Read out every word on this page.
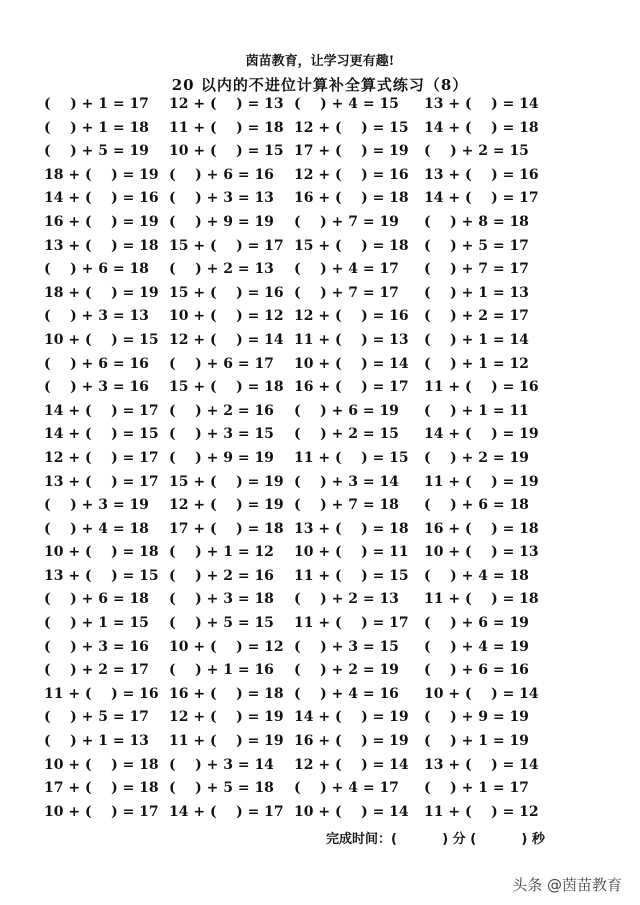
茵苗教育，让学习更有趣!
20 以内的不进位计算补全算式练习（8）
(    ) + 1 = 17 12 + (    ) = 13 (    ) + 4 = 15 13 + (    ) = 14
(    ) + 1 = 18 11 + (    ) = 18 12 + (    ) = 15 14 + (    ) = 18
(    ) + 5 = 19 10 + (    ) = 15 17 + (    ) = 19 (    ) + 2 = 15
18 + (    ) = 19 (    ) + 6 = 16 12 + (    ) = 16 13 + (    ) = 16
14 + (    ) = 16 (    ) + 3 = 13 16 + (    ) = 18 14 + (    ) = 17
16 + (    ) = 19 (    ) + 9 = 19 (    ) + 7 = 19 (    ) + 8 = 18
13 + (    ) = 18 15 + (    ) = 17 15 + (    ) = 18 (    ) + 5 = 17
(    ) + 6 = 18 (    ) + 2 = 13 (    ) + 4 = 17 (    ) + 7 = 17
18 + (    ) = 19 15 + (    ) = 16 (    ) + 7 = 17 (    ) + 1 = 13
(    ) + 3 = 13 10 + (    ) = 12 12 + (    ) = 16 (    ) + 2 = 17
10 + (    ) = 15 12 + (    ) = 14 11 + (    ) = 13 (    ) + 1 = 14
(    ) + 6 = 16 (    ) + 6 = 17 10 + (    ) = 14 (    ) + 1 = 12
(    ) + 3 = 16 15 + (    ) = 18 16 + (    ) = 17 11 + (    ) = 16
14 + (    ) = 17 (    ) + 2 = 16 (    ) + 6 = 19 (    ) + 1 = 11
14 + (    ) = 15 (    ) + 3 = 15 (    ) + 2 = 15 14 + (    ) = 19
12 + (    ) = 17 (    ) + 9 = 19 11 + (    ) = 15 (    ) + 2 = 19
13 + (    ) = 17 15 + (    ) = 19 (    ) + 3 = 14 11 + (    ) = 19
(    ) + 3 = 19 12 + (    ) = 19 (    ) + 7 = 18 (    ) + 6 = 18
(    ) + 4 = 18 17 + (    ) = 18 13 + (    ) = 18 16 + (    ) = 18
10 + (    ) = 18 (    ) + 1 = 12 10 + (    ) = 11 10 + (    ) = 13
13 + (    ) = 15 (    ) + 2 = 16 11 + (    ) = 15 (    ) + 4 = 18
(    ) + 6 = 18 (    ) + 3 = 18 (    ) + 2 = 13 11 + (    ) = 18
(    ) + 1 = 15 (    ) + 5 = 15 11 + (    ) = 17 (    ) + 6 = 19
(    ) + 3 = 16 10 + (    ) = 12 (    ) + 3 = 15 (    ) + 4 = 19
(    ) + 2 = 17 (    ) + 1 = 16 (    ) + 2 = 19 (    ) + 6 = 16
11 + (    ) = 16 16 + (    ) = 18 (    ) + 4 = 16 10 + (    ) = 14
(    ) + 5 = 17 12 + (    ) = 19 14 + (    ) = 19 (    ) + 9 = 19
(    ) + 1 = 13 11 + (    ) = 19 16 + (    ) = 19 (    ) + 1 = 19
10 + (    ) = 18 (    ) + 3 = 14 12 + (    ) = 14 13 + (    ) = 14
17 + (    ) = 18 (    ) + 5 = 18 (    ) + 4 = 17 (    ) + 1 = 17
10 + (    ) = 17 14 + (    ) = 17 10 + (    ) = 14 11 + (    ) = 12
完成时间：(          ) 分 (          ) 秒
头条 @茵苗教育
